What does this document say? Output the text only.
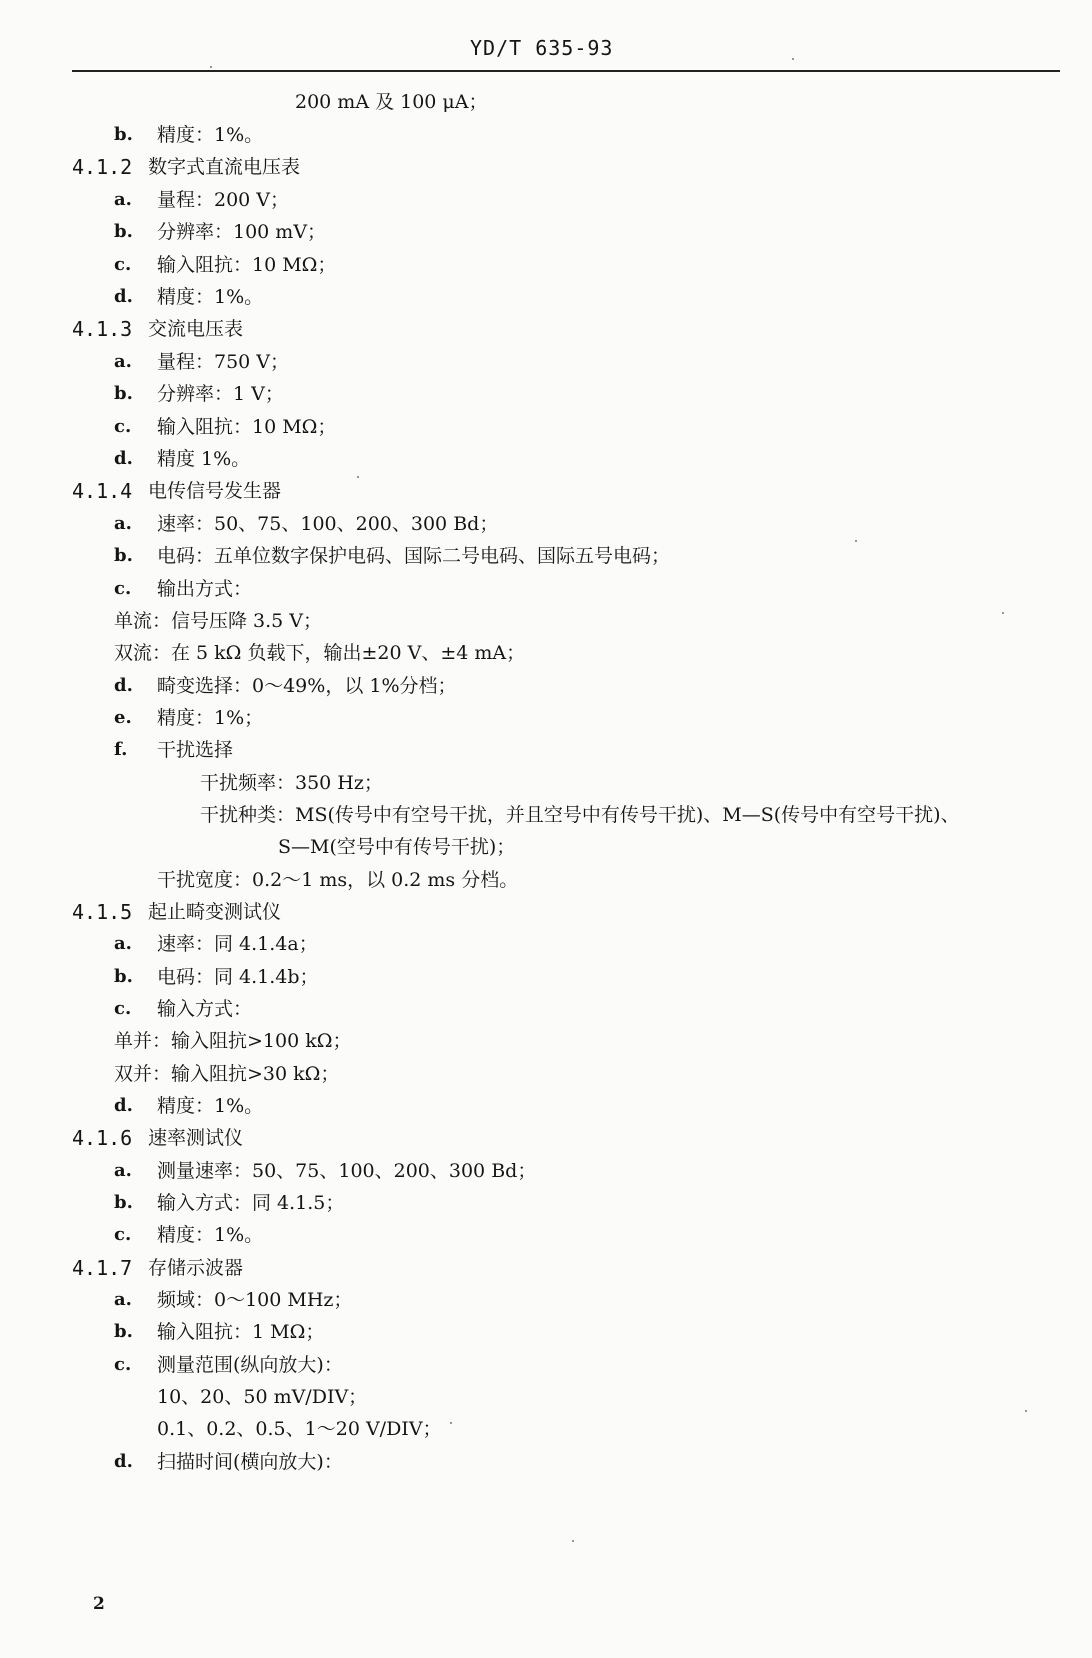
YD/T 635-93
200 mA 及 100 μA；
b. 精度：1%。
4.1.2 数字式直流电压表
a. 量程：200 V；
b. 分辨率：100 mV；
c. 输入阻抗：10 MΩ；
d. 精度：1%。
4.1.3 交流电压表
a. 量程：750 V；
b. 分辨率：1 V；
c. 输入阻抗：10 MΩ；
d. 精度 1%。
4.1.4 电传信号发生器
a. 速率：50、75、100、200、300 Bd；
b. 电码：五单位数字保护电码、国际二号电码、国际五号电码；
c. 输出方式：
单流：信号压降 3.5 V；
双流：在 5 kΩ 负载下，输出±20 V、±4 mA；
d. 畸变选择：0～49%，以 1%分档；
e. 精度：1%；
f. 干扰选择
干扰频率：350 Hz；
干扰种类：MS(传号中有空号干扰，并且空号中有传号干扰)、M—S(传号中有空号干扰)、
S—M(空号中有传号干扰)；
干扰宽度：0.2～1 ms，以 0.2 ms 分档。
4.1.5 起止畸变测试仪
a. 速率：同 4.1.4a；
b. 电码：同 4.1.4b；
c. 输入方式：
单并：输入阻抗>100 kΩ；
双并：输入阻抗>30 kΩ；
d. 精度：1%。
4.1.6 速率测试仪
a. 测量速率：50、75、100、200、300 Bd；
b. 输入方式：同 4.1.5；
c. 精度：1%。
4.1.7 存储示波器
a. 频域：0～100 MHz；
b. 输入阻抗：1 MΩ；
c. 测量范围(纵向放大)：
10、20、50 mV/DIV；
0.1、0.2、0.5、1～20 V/DIV；
d. 扫描时间(横向放大)：
2
